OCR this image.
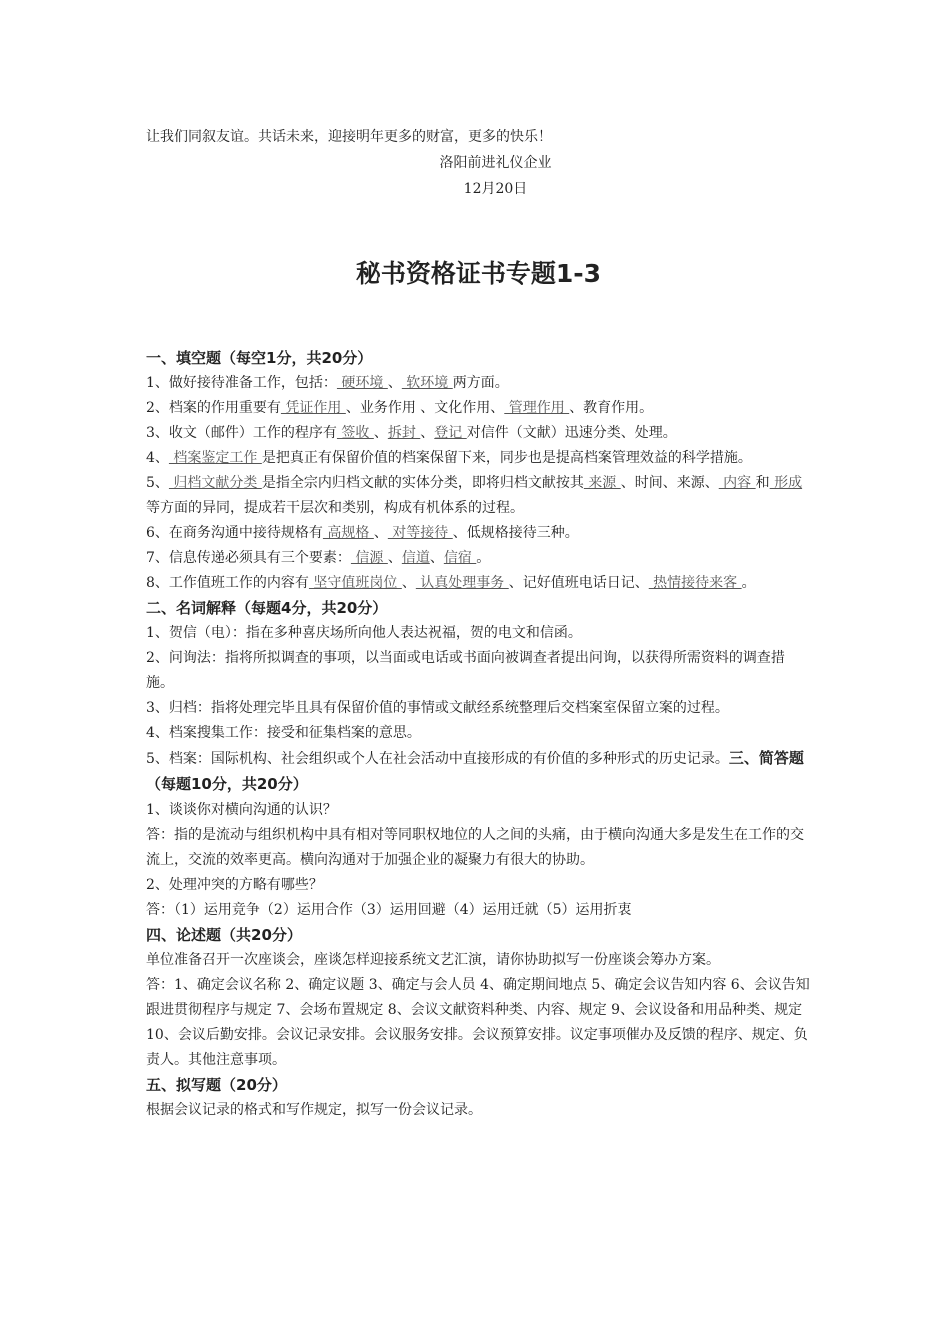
让我们同叙友谊。共话未来，迎接明年更多的财富，更多的快乐！

洛阳前进礼仪企业

12月20日

秘书资格证书专题1-3
一、填空题（每空1分，共20分）

1、做好接待准备工作，包括： 硬环境 、 软环境 两方面。

2、档案的作用重要有 凭证作用 、业务作用 、文化作用、 管理作用 、教育作用。

3、收文（邮件）工作的程序有 签收 、拆封 、登记 对信件（文献）迅速分类、处理。

4、 档案鉴定工作 是把真正有保留价值的档案保留下来，同步也是提高档案管理效益的科学措施。

5、 归档文献分类 是指全宗内归档文献的实体分类，即将归档文献按其 来源 、时间、来源、 内容 和 形成 等方面的异同，提成若干层次和类别，构成有机体系的过程。

6、在商务沟通中接待规格有 高规格 、 对等接待 、低规格接待三种。

7、信息传递必须具有三个要素： 信源 、信道、信宿 。

8、工作值班工作的内容有 坚守值班岗位 、 认真处理事务 、记好值班电话日记、 热情接待来客 。

二、名词解释（每题4分，共20分）

1、贺信（电）：指在多种喜庆场所向他人表达祝福，贺的电文和信函。

2、问询法：指将所拟调查的事项，以当面或电话或书面向被调查者提出问询，以获得所需资料的调查措施。

3、归档：指将处理完毕且具有保留价值的事情或文献经系统整理后交档案室保留立案的过程。

4、档案搜集工作：接受和征集档案的意思。

5、档案：国际机构、社会组织或个人在社会活动中直接形成的有价值的多种形式的历史记录。三、简答题（每题10分，共20分）

1、谈谈你对横向沟通的认识？

答：指的是流动与组织机构中具有相对等同职权地位的人之间的头痛，由于横向沟通大多是发生在工作的交流上，交流的效率更高。横向沟通对于加强企业的凝聚力有很大的协助。

2、处理冲突的方略有哪些？

答：（1）运用竞争（2）运用合作（3）运用回避（4）运用迁就（5）运用折衷

四、论述题（共20分）

单位准备召开一次座谈会，座谈怎样迎接系统文艺汇演，请你协助拟写一份座谈会筹办方案。

答：1、确定会议名称 2、确定议题 3、确定与会人员 4、确定期间地点 5、确定会议告知内容 6、会议告知跟进贯彻程序与规定 7、会场布置规定 8、会议文献资料种类、内容、规定 9、会议设备和用品种类、规定 10、会议后勤安排。会议记录安排。会议服务安排。会议预算安排。议定事项催办及反馈的程序、规定、负责人。其他注意事项。

五、拟写题（20分）

根据会议记录的格式和写作规定，拟写一份会议记录。
